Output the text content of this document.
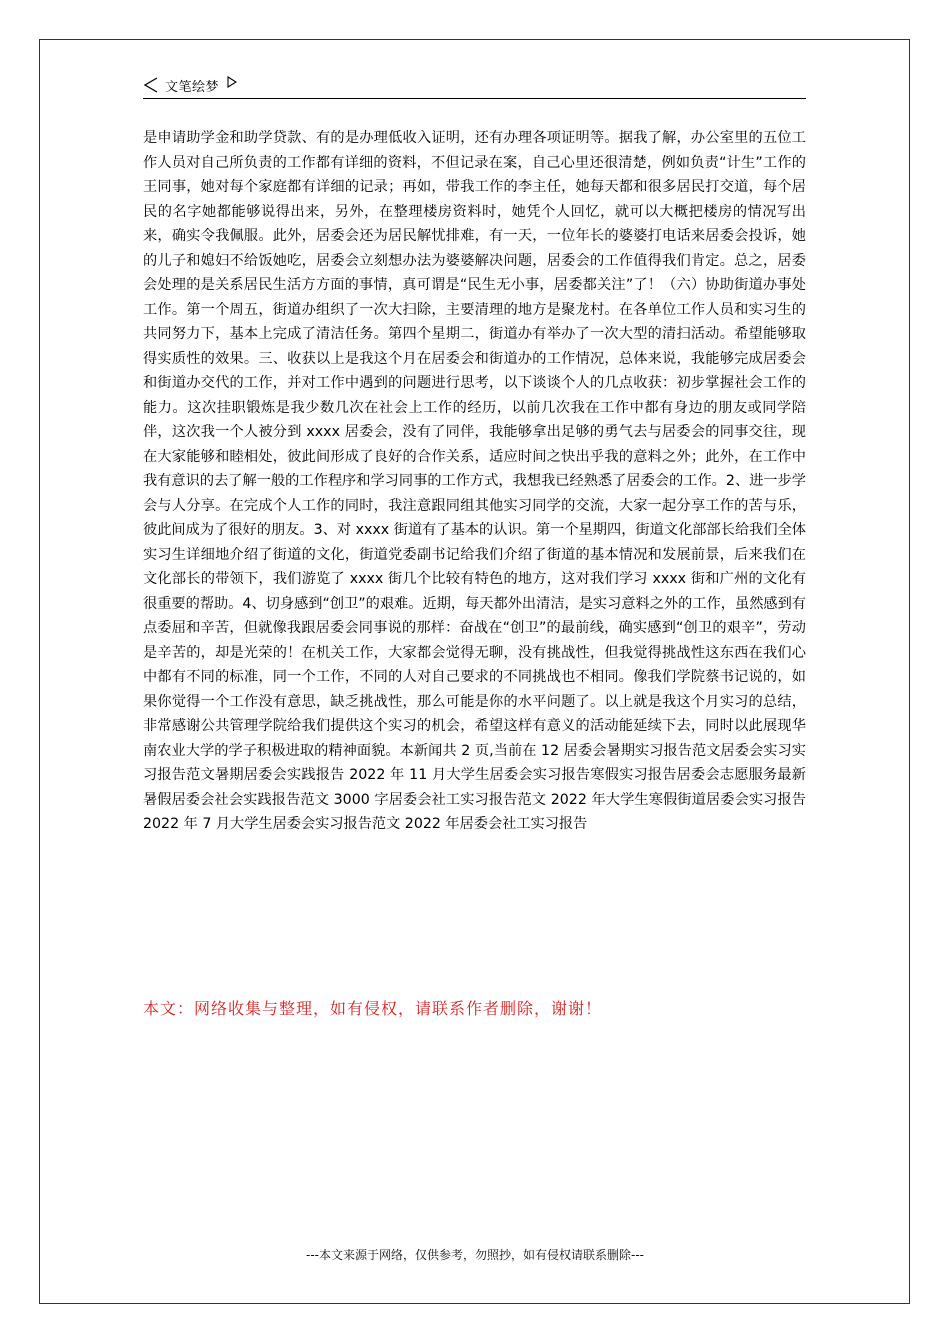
文笔绘梦
是申请助学金和助学贷款、有的是办理低收入证明，还有办理各项证明等。据我了解，办公室里的五位工作人员对自己所负责的工作都有详细的资料，不但记录在案，自己心里还很清楚，例如负责“计生”工作的王同事，她对每个家庭都有详细的记录；再如，带我工作的李主任，她每天都和很多居民打交道，每个居民的名字她都能够说得出来，另外，在整理楼房资料时，她凭个人回忆，就可以大概把楼房的情况写出来，确实令我佩服。此外，居委会还为居民解忧排难，有一天，一位年长的婆婆打电话来居委会投诉，她的儿子和媳妇不给饭她吃，居委会立刻想办法为婆婆解决问题，居委会的工作值得我们肯定。总之，居委会处理的是关系居民生活方方面的事情，真可谓是“民生无小事，居委都关注”了！（六）协助街道办事处工作。第一个周五，街道办组织了一次大扫除，主要清理的地方是聚龙村。在各单位工作人员和实习生的共同努力下，基本上完成了清洁任务。第四个星期二，街道办有举办了一次大型的清扫活动。希望能够取得实质性的效果。三、收获以上是我这个月在居委会和街道办的工作情况，总体来说，我能够完成居委会和街道办交代的工作，并对工作中遇到的问题进行思考，以下谈谈个人的几点收获：初步掌握社会工作的能力。这次挂职锻炼是我少数几次在社会上工作的经历，以前几次我在工作中都有身边的朋友或同学陪伴，这次我一个人被分到 xxxx 居委会，没有了同伴，我能够拿出足够的勇气去与居委会的同事交往，现在大家能够和睦相处，彼此间形成了良好的合作关系，适应时间之快出乎我的意料之外；此外，在工作中我有意识的去了解一般的工作程序和学习同事的工作方式，我想我已经熟悉了居委会的工作。2、进一步学会与人分享。在完成个人工作的同时，我注意跟同组其他实习同学的交流，大家一起分享工作的苦与乐，彼此间成为了很好的朋友。3、对 xxxx 街道有了基本的认识。第一个星期四，街道文化部部长给我们全体实习生详细地介绍了街道的文化，街道党委副书记给我们介绍了街道的基本情况和发展前景，后来我们在文化部长的带领下，我们游览了 xxxx 街几个比较有特色的地方，这对我们学习 xxxx 街和广州的文化有很重要的帮助。4、切身感到“创卫”的艰难。近期，每天都外出清洁，是实习意料之外的工作，虽然感到有点委屈和辛苦，但就像我跟居委会同事说的那样：奋战在“创卫”的最前线，确实感到“创卫的艰辛”，劳动是辛苦的，却是光荣的！在机关工作，大家都会觉得无聊，没有挑战性，但我觉得挑战性这东西在我们心中都有不同的标准，同一个工作，不同的人对自己要求的不同挑战也不相同。像我们学院蔡书记说的，如果你觉得一个工作没有意思，缺乏挑战性，那么可能是你的水平问题了。以上就是我这个月实习的总结，非常感谢公共管理学院给我们提供这个实习的机会，希望这样有意义的活动能延续下去，同时以此展现华南农业大学的学子积极进取的精神面貌。本新闻共 2 页,当前在 12 居委会暑期实习报告范文居委会实习实习报告范文暑期居委会实践报告 2022 年 11 月大学生居委会实习报告寒假实习报告居委会志愿服务最新暑假居委会社会实践报告范文 3000 字居委会社工实习报告范文 2022 年大学生寒假街道居委会实习报告 2022 年 7 月大学生居委会实习报告范文 2022 年居委会社工实习报告
本文：网络收集与整理，如有侵权，请联系作者删除，谢谢！
---本文来源于网络，仅供参考，勿照抄，如有侵权请联系删除---
